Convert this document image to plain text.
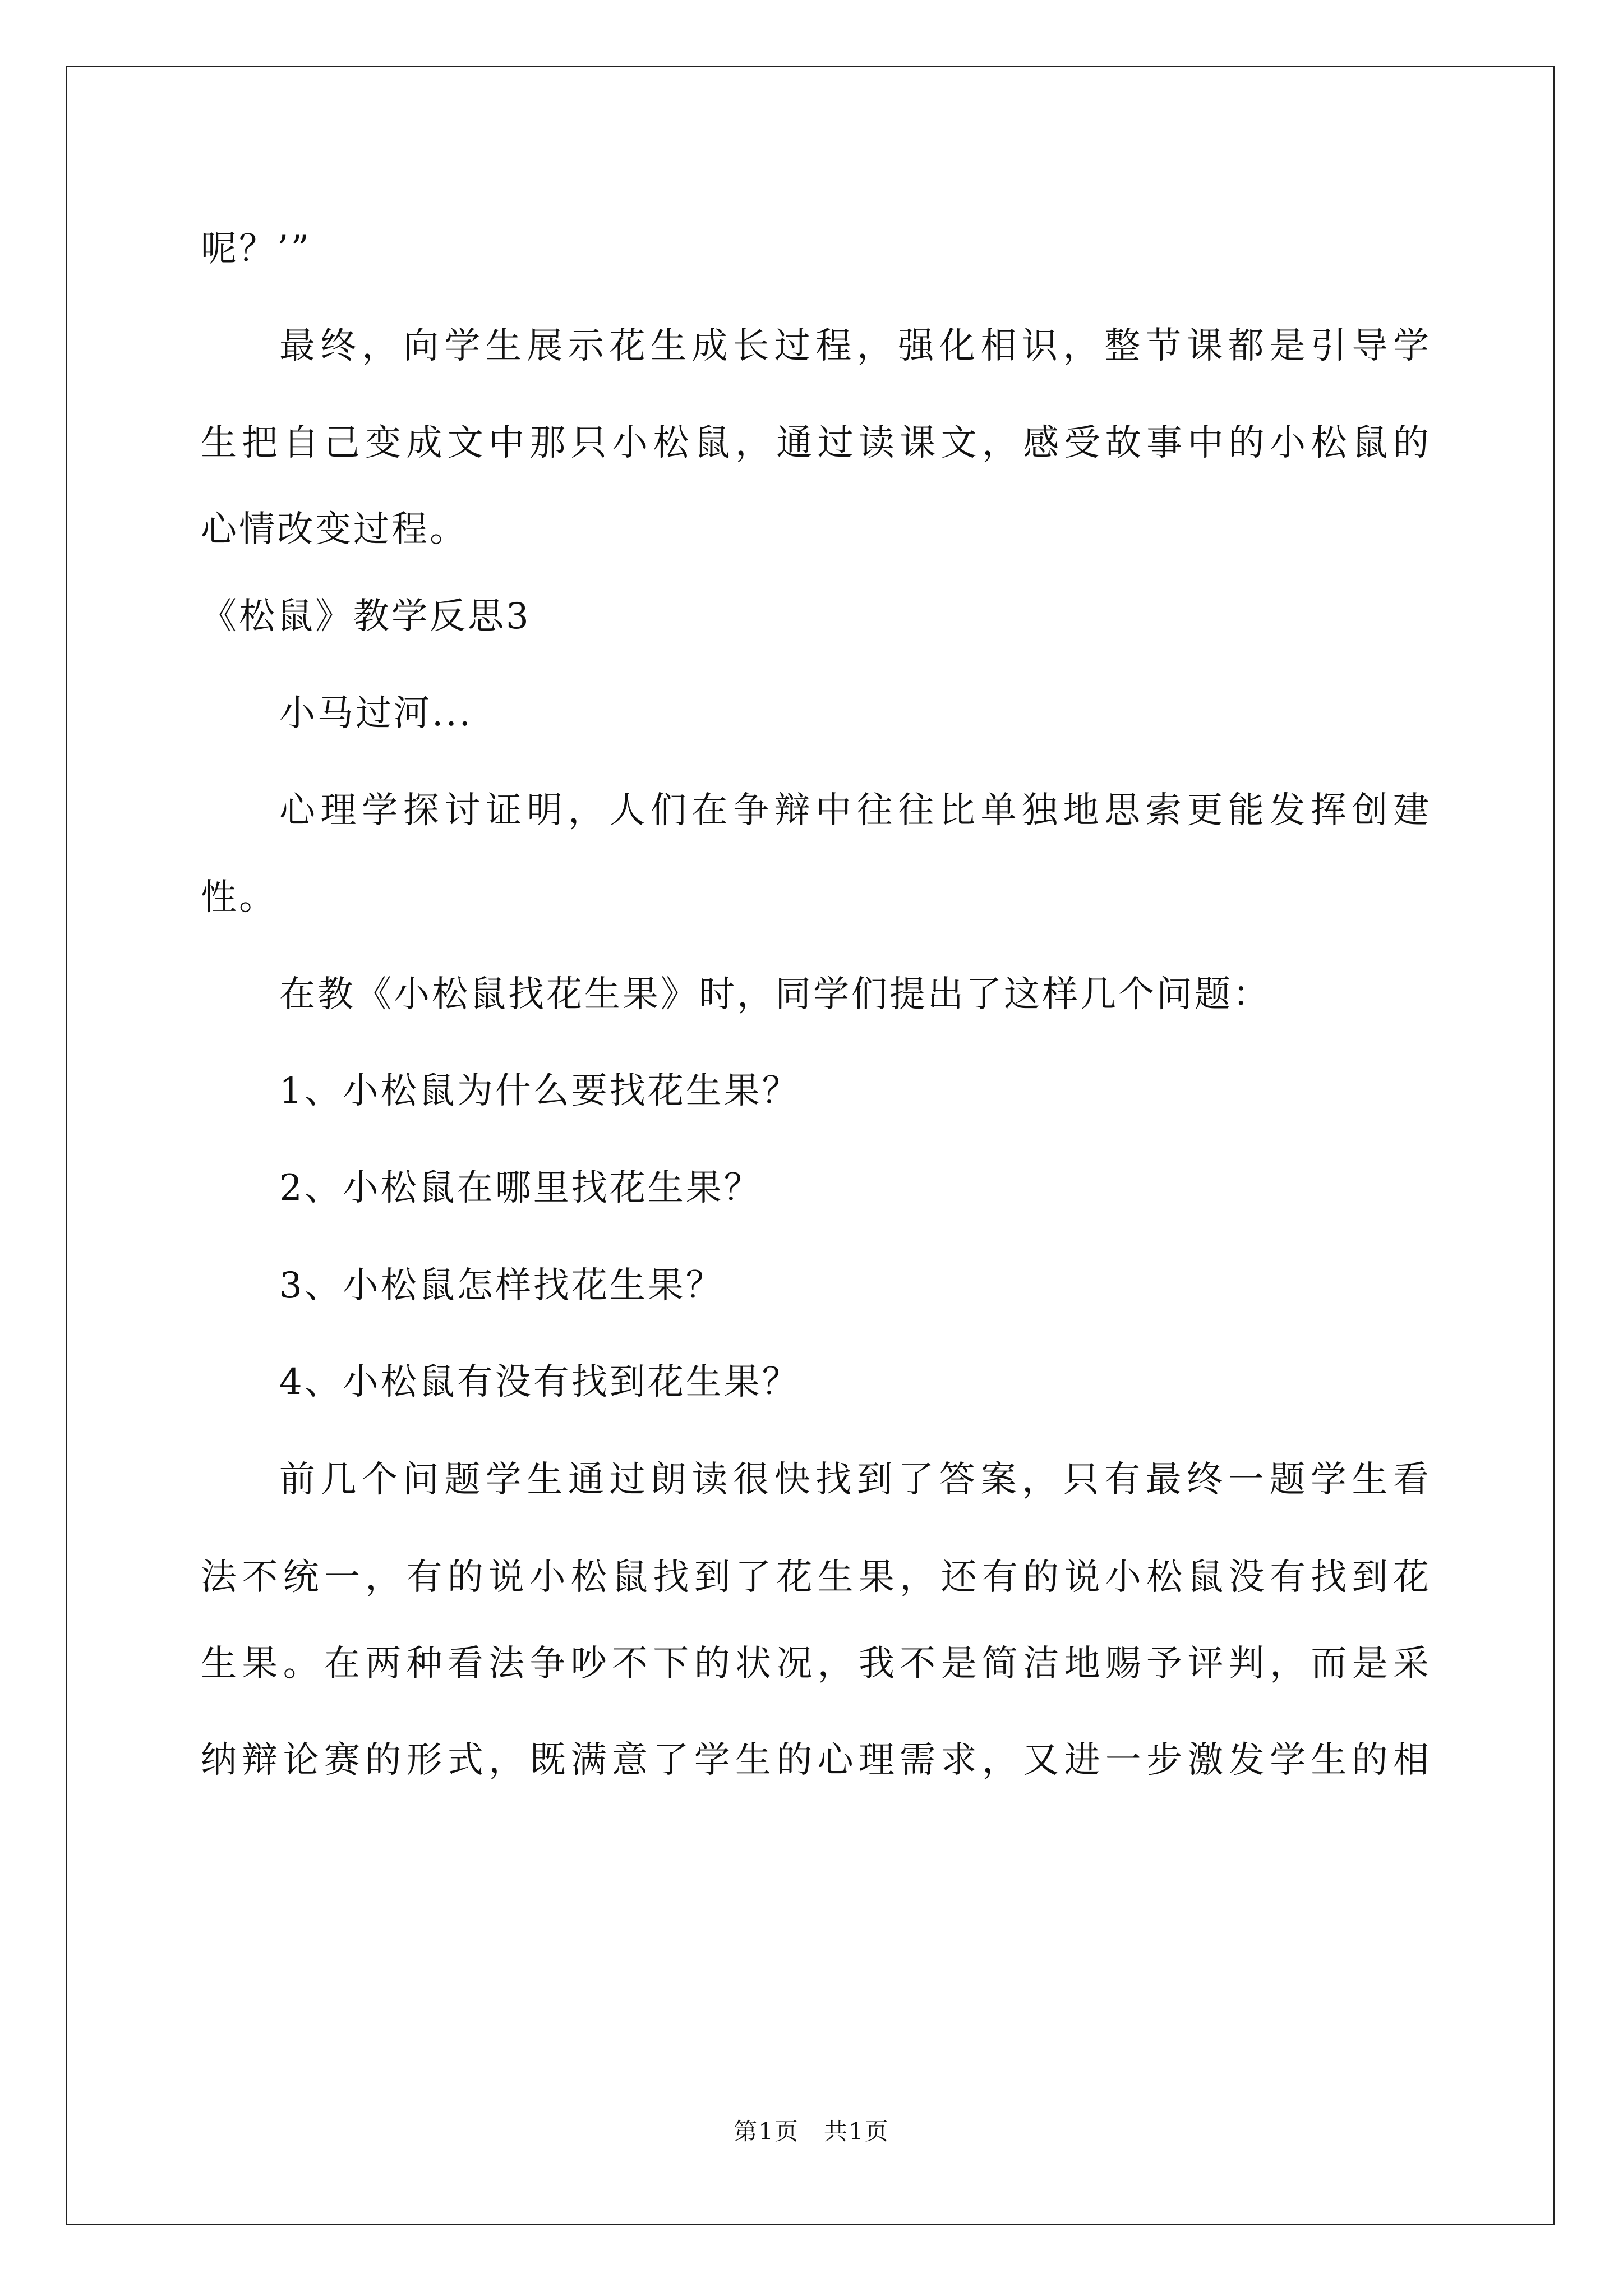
呢？’”
最终，向学生展示花生成长过程，强化相识，整节课都是引导学
生把自己变成文中那只小松鼠，通过读课文，感受故事中的小松鼠的
心情改变过程。
《松鼠》教学反思3
小马过河...
心理学探讨证明，人们在争辩中往往比单独地思索更能发挥创建
性。
在教《小松鼠找花生果》时，同学们提出了这样几个问题：
1、小松鼠为什么要找花生果？
2、小松鼠在哪里找花生果？
3、小松鼠怎样找花生果？
4、小松鼠有没有找到花生果？
前几个问题学生通过朗读很快找到了答案，只有最终一题学生看
法不统一，有的说小松鼠找到了花生果，还有的说小松鼠没有找到花
生果。在两种看法争吵不下的状况，我不是简洁地赐予评判，而是采
纳辩论赛的形式，既满意了学生的心理需求，又进一步激发学生的相
第1页 共1页
